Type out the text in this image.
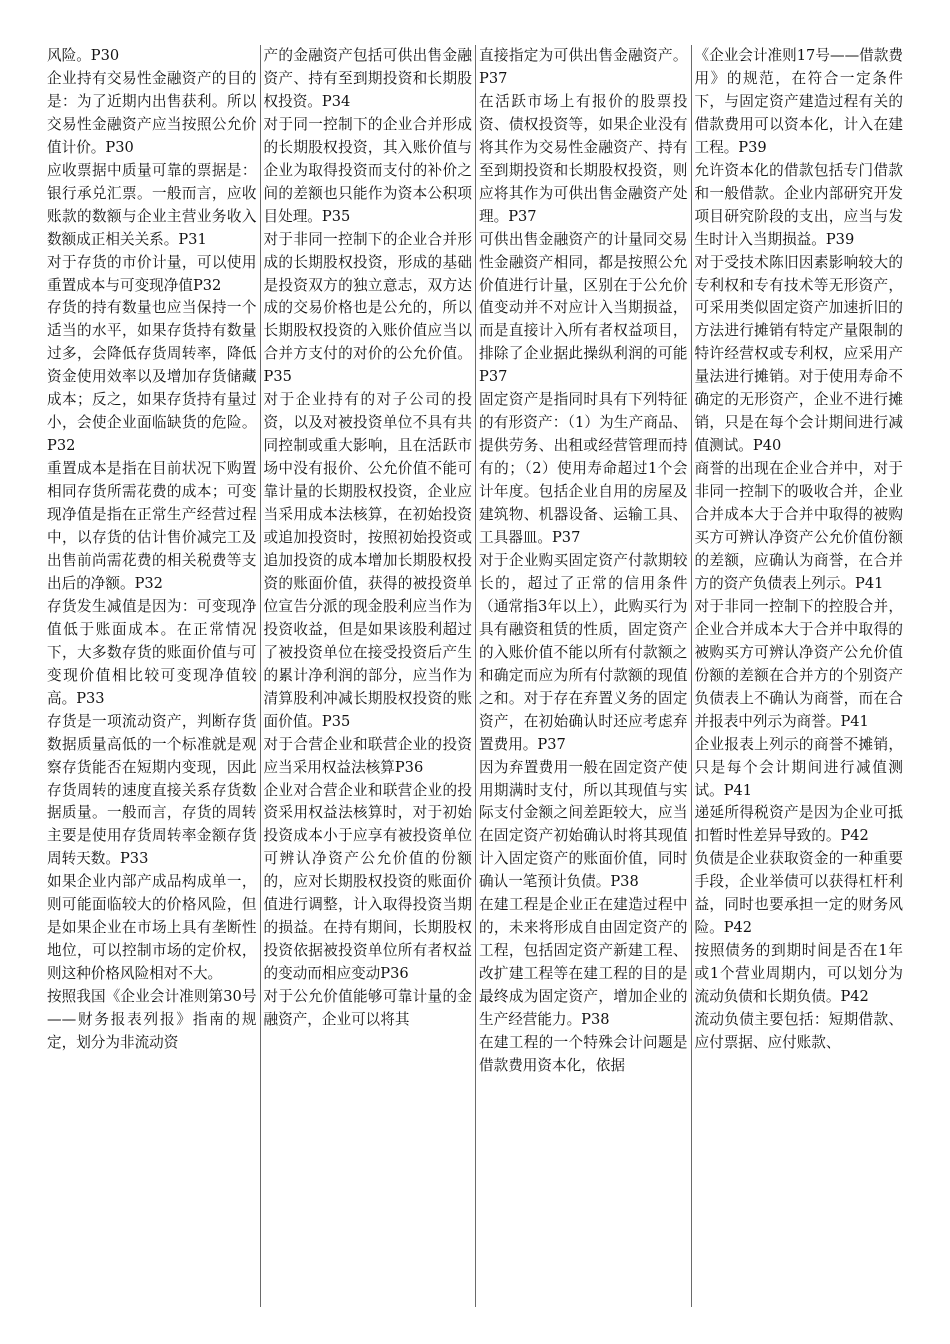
风险。P30

企业持有交易性金融资产的目的是：为了近期内出售获利。所以交易性金融资产应当按照公允价值计价。P30

应收票据中质量可靠的票据是：银行承兑汇票。一般而言，应收账款的数额与企业主营业务收入数额成正相关关系。P31

对于存货的市价计量，可以使用重置成本与可变现净值P32

存货的持有数量也应当保持一个适当的水平，如果存货持有数量过多，会降低存货周转率，降低资金使用效率以及增加存货储藏成本；反之，如果存货持有量过小，会使企业面临缺货的危险。P32

重置成本是指在目前状况下购置相同存货所需花费的成本；可变现净值是指在正常生产经营过程中，以存货的估计售价减完工及出售前尚需花费的相关税费等支出后的净额。P32

存货发生减值是因为：可变现净值低于账面成本。在正常情况下，大多数存货的账面价值与可变现价值相比较可变现净值较高。P33

存货是一项流动资产，判断存货数据质量高低的一个标准就是观察存货能否在短期内变现，因此存货周转的速度直接关系存货数据质量。一般而言，存货的周转主要是使用存货周转率金额存货周转天数。P33

如果企业内部产成品构成单一，则可能面临较大的价格风险，但是如果企业在市场上具有垄断性地位，可以控制市场的定价权，则这种价格风险相对不大。

按照我国《企业会计准则第30号——财务报表列报》指南的规定，划分为非流动资

产的金融资产包括可供出售金融资产、持有至到期投资和长期股权投资。P34

对于同一控制下的企业合并形成的长期股权投资，其入账价值与企业为取得投资而支付的补价之间的差额也只能作为资本公积项目处理。P35

对于非同一控制下的企业合并形成的长期股权投资，形成的基础是投资双方的独立意志，双方达成的交易价格也是公允的，所以长期股权投资的入账价值应当以合并方支付的对价的公允价值。P35

对于企业持有的对子公司的投资，以及对被投资单位不具有共同控制或重大影响，且在活跃市场中没有报价、公允价值不能可靠计量的长期股权投资，企业应当采用成本法核算，在初始投资或追加投资时，按照初始投资或追加投资的成本增加长期股权投资的账面价值，获得的被投资单位宣告分派的现金股利应当作为投资收益，但是如果该股利超过了被投资单位在接受投资后产生的累计净利润的部分，应当作为清算股利冲减长期股权投资的账面价值。P35

对于合营企业和联营企业的投资应当采用权益法核算P36

企业对合营企业和联营企业的投资采用权益法核算时，对于初始投资成本小于应享有被投资单位可辨认净资产公允价值的份额的，应对长期股权投资的账面价值进行调整，计入取得投资当期的损益。在持有期间，长期股权投资依据被投资单位所有者权益的变动而相应变动P36

对于公允价值能够可靠计量的金融资产，企业可以将其

直接指定为可供出售金融资产。P37

在活跃市场上有报价的股票投资、债权投资等，如果企业没有将其作为交易性金融资产、持有至到期投资和长期股权投资，则应将其作为可供出售金融资产处理。P37

可供出售金融资产的计量同交易性金融资产相同，都是按照公允价值进行计量，区别在于公允价值变动并不对应计入当期损益，而是直接计入所有者权益项目，排除了企业据此操纵利润的可能P37

固定资产是指同时具有下列特征的有形资产：（1）为生产商品、提供劳务、出租或经营管理而持有的；（2）使用寿命超过1个会计年度。包括企业自用的房屋及建筑物、机器设备、运输工具、工具器皿。P37

对于企业购买固定资产付款期较长的，超过了正常的信用条件（通常指3年以上），此购买行为具有融资租赁的性质，固定资产的入账价值不能以所有付款额之和确定而应为所有付款额的现值之和。对于存在弃置义务的固定资产，在初始确认时还应考虑弃置费用。P37

因为弃置费用一般在固定资产使用期满时支付，所以其现值与实际支付金额之间差距较大，应当在固定资产初始确认时将其现值计入固定资产的账面价值，同时确认一笔预计负债。P38

在建工程是企业正在建造过程中的，未来将形成自由固定资产的工程，包括固定资产新建工程、改扩建工程等在建工程的目的是最终成为固定资产，增加企业的生产经营能力。P38

在建工程的一个特殊会计问题是借款费用资本化，依据

《企业会计准则17号——借款费用》的规范，在符合一定条件下，与固定资产建造过程有关的借款费用可以资本化，计入在建工程。P39

允许资本化的借款包括专门借款和一般借款。企业内部研究开发项目研究阶段的支出，应当与发生时计入当期损益。P39

对于受技术陈旧因素影响较大的专利权和专有技术等无形资产，可采用类似固定资产加速折旧的方法进行摊销有特定产量限制的特许经营权或专利权，应采用产量法进行摊销。对于使用寿命不确定的无形资产，企业不进行摊销，只是在每个会计期间进行减值测试。P40

商誉的出现在企业合并中，对于非同一控制下的吸收合并，企业合并成本大于合并中取得的被购买方可辨认净资产公允价值份额的差额，应确认为商誉，在合并方的资产负债表上列示。P41

对于非同一控制下的控股合并，企业合并成本大于合并中取得的被购买方可辨认净资产公允价值份额的差额在合并方的个别资产负债表上不确认为商誉，而在合并报表中列示为商誉。P41

企业报表上列示的商誉不摊销，只是每个会计期间进行减值测试。P41

递延所得税资产是因为企业可抵扣暂时性差异导致的。P42

负债是企业获取资金的一种重要手段，企业举债可以获得杠杆利益，同时也要承担一定的财务风险。P42

按照债务的到期时间是否在1年或1个营业周期内，可以划分为流动负债和长期负债。P42

流动负债主要包括：短期借款、应付票据、应付账款、
